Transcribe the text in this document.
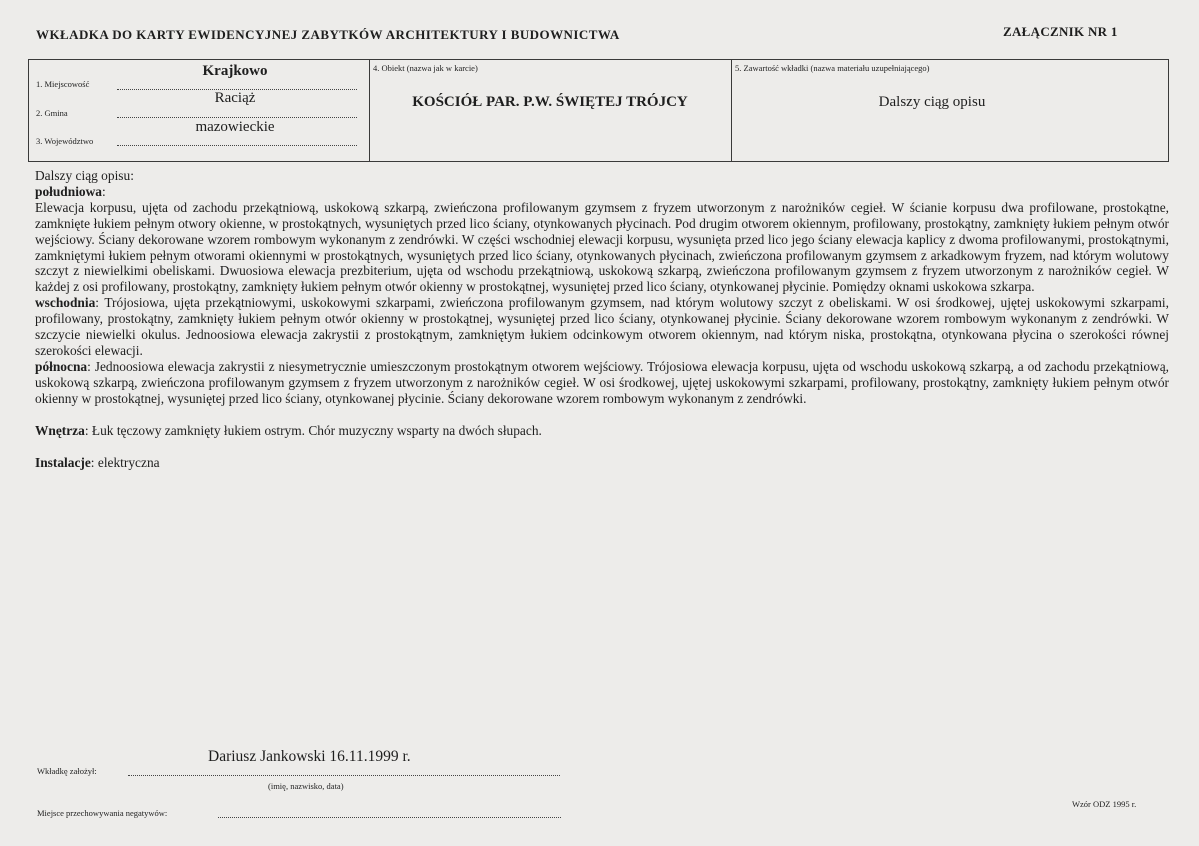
WKŁADKA DO KARTY EWIDENCYJNEJ ZABYTKÓW ARCHITEKTURY I BUDOWNICTWA	ZAŁĄCZNIK NR 1
1. Miejscowość
Krajkowo
2. Gmina
Raciąż
3. Województwo
mazowieckie
4. Obiekt (nazwa jak w karcie)
KOŚCIÓŁ PAR. P.W. ŚWIĘTEJ TRÓJCY
5. Zawartość wkładki (nazwa materiału uzupełniającego)
Dalszy ciąg opisu

Dalszy ciąg opisu:

południowa:

Elewacja korpusu, ujęta od zachodu przekątniową, uskokową szkarpą, zwieńczona profilowanym gzymsem z fryzem utworzonym z narożników cegieł. W ścianie korpusu dwa profilowane, prostokątne, zamknięte łukiem pełnym otwory okienne, w prostokątnych, wysuniętych przed lico ściany, otynkowanych płycinach. Pod drugim otworem okiennym, profilowany, prostokątny, zamknięty łukiem pełnym otwór wejściowy. Ściany dekorowane wzorem rombowym wykonanym z zendrówki. W części wschodniej elewacji korpusu, wysunięta przed lico jego ściany elewacja kaplicy z dwoma profilowanymi, prostokątnymi, zamkniętymi łukiem pełnym otworami okiennymi w prostokątnych, wysuniętych przed lico ściany, otynkowanych płycinach, zwieńczona profilowanym gzymsem z arkadkowym fryzem, nad którym wolutowy szczyt z niewielkimi obeliskami. Dwuosiowa elewacja prezbiterium, ujęta od wschodu przekątniową, uskokową szkarpą, zwieńczona profilowanym gzymsem z fryzem utworzonym z narożników cegieł. W każdej z osi profilowany, prostokątny, zamknięty łukiem pełnym otwór okienny w prostokątnej, wysuniętej przed lico ściany, otynkowanej płycinie. Pomiędzy oknami uskokowa szkarpa.

wschodnia: Trójosiowa, ujęta przekątniowymi, uskokowymi szkarpami, zwieńczona profilowanym gzymsem, nad którym wolutowy szczyt z obeliskami. W osi środkowej, ujętej uskokowymi szkarpami, profilowany, prostokątny, zamknięty łukiem pełnym otwór okienny w prostokątnej, wysuniętej przed lico ściany, otynkowanej płycinie. Ściany dekorowane wzorem rombowym wykonanym z zendrówki. W szczycie niewielki okulus. Jednoosiowa elewacja zakrystii z prostokątnym, zamkniętym łukiem odcinkowym otworem okiennym, nad którym niska, prostokątna, otynkowana płycina o szerokości równej szerokości elewacji.

północna: Jednoosiowa elewacja zakrystii z niesymetrycznie umieszczonym prostokątnym otworem wejściowy. Trójosiowa elewacja korpusu, ujęta od wschodu uskokową szkarpą, a od zachodu przekątniową, uskokową szkarpą, zwieńczona profilowanym gzymsem z fryzem utworzonym z narożników cegieł. W osi środkowej, ujętej uskokowymi szkarpami, profilowany, prostokątny, zamknięty łukiem pełnym otwór okienny w prostokątnej, wysuniętej przed lico ściany, otynkowanej płycinie. Ściany dekorowane wzorem rombowym wykonanym z zendrówki.

Wnętrza: Łuk tęczowy zamknięty łukiem ostrym. Chór muzyczny wsparty na dwóch słupach.

Instalacje: elektryczna

Wkładkę założył:
Dariusz Jankowski 16.11.1999 r.
(imię, nazwisko, data)
Miejsce przechowywania negatywów:
Wzór ODZ 1995 r.
